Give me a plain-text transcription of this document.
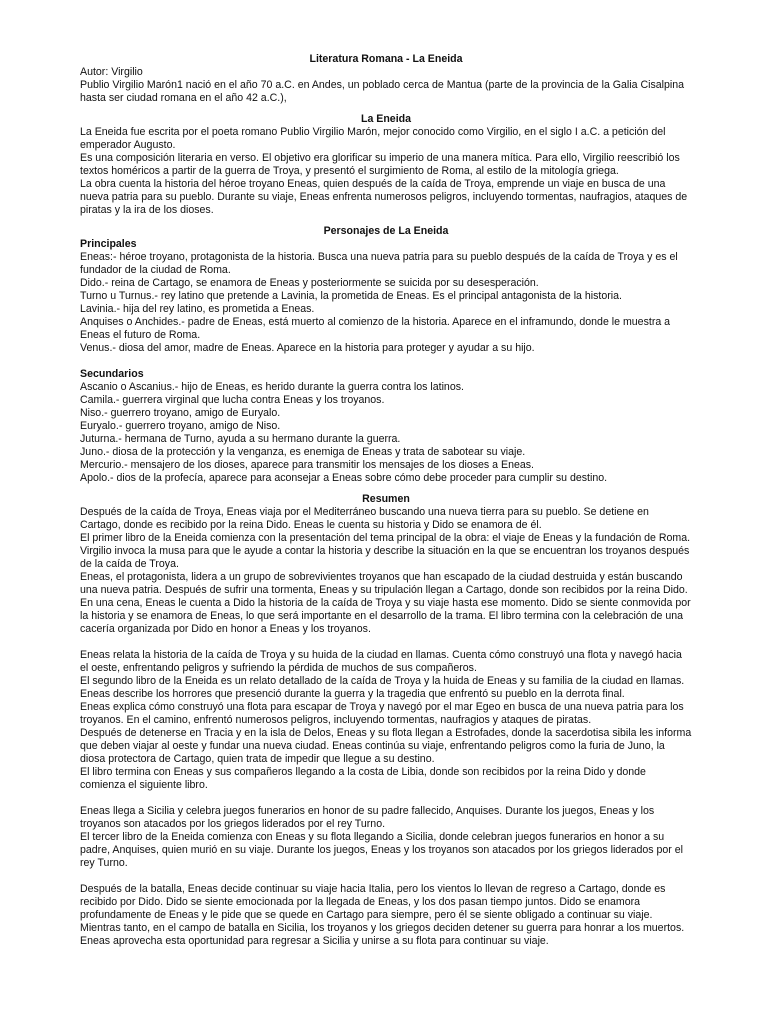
Literatura Romana - La Eneida
Autor: Virgilio
Publio Virgilio Marón1 nació en el año 70 a.C. en Andes, un poblado cerca de Mantua (parte de la provincia de la Galia Cisalpina hasta ser ciudad romana en el año 42 a.C.),
La Eneida
La Eneida fue escrita por el poeta romano Publio Virgilio Marón, mejor conocido como Virgilio, en el siglo I a.C. a petición del emperador Augusto.
Es una composición literaria en verso. El objetivo era glorificar su imperio de una manera mítica. Para ello, Virgilio reescribió los textos homéricos a partir de la guerra de Troya, y presentó el surgimiento de Roma, al estilo de la mitología griega.
La obra cuenta la historia del héroe troyano Eneas, quien después de la caída de Troya, emprende un viaje en busca de una nueva patria para su pueblo. Durante su viaje, Eneas enfrenta numerosos peligros, incluyendo tormentas, naufragios, ataques de piratas y la ira de los dioses.
Personajes de La Eneida
Principales
Eneas:- héroe troyano, protagonista de la historia. Busca una nueva patria para su pueblo después de la caída de Troya y es el fundador de la ciudad de Roma.
Dido.- reina de Cartago, se enamora de Eneas y posteriormente se suicida por su desesperación.
Turno u Turnus.- rey latino que pretende a Lavinia, la prometida de Eneas. Es el principal antagonista de la historia.
Lavinia.- hija del rey latino, es prometida a Eneas.
Anquises o Anchides.- padre de Eneas, está muerto al comienzo de la historia. Aparece en el inframundo, donde le muestra a Eneas el futuro de Roma.
Venus.- diosa del amor, madre de Eneas. Aparece en la historia para proteger y ayudar a su hijo.
Secundarios
Ascanio o Ascanius.- hijo de Eneas, es herido durante la guerra contra los latinos.
Camila.- guerrera virginal que lucha contra Eneas y los troyanos.
Niso.- guerrero troyano, amigo de Euryalo.
Euryalo.- guerrero troyano, amigo de Niso.
Juturna.- hermana de Turno, ayuda a su hermano durante la guerra.
Juno.- diosa de la protección y la venganza, es enemiga de Eneas y trata de sabotear su viaje.
Mercurio.- mensajero de los dioses, aparece para transmitir los mensajes de los dioses a Eneas.
Apolo.- dios de la profecía, aparece para aconsejar a Eneas sobre cómo debe proceder para cumplir su destino.
Resumen
Después de la caída de Troya, Eneas viaja por el Mediterráneo buscando una nueva tierra para su pueblo. Se detiene en Cartago, donde es recibido por la reina Dido. Eneas le cuenta su historia y Dido se enamora de él.
El primer libro de la Eneida comienza con la presentación del tema principal de la obra: el viaje de Eneas y la fundación de Roma. Virgilio invoca la musa para que le ayude a contar la historia y describe la situación en la que se encuentran los troyanos después de la caída de Troya.
Eneas, el protagonista, lidera a un grupo de sobrevivientes troyanos que han escapado de la ciudad destruida y están buscando una nueva patria. Después de sufrir una tormenta, Eneas y su tripulación llegan a Cartago, donde son recibidos por la reina Dido. En una cena, Eneas le cuenta a Dido la historia de la caída de Troya y su viaje hasta ese momento. Dido se siente conmovida por la historia y se enamora de Eneas, lo que será importante en el desarrollo de la trama. El libro termina con la celebración de una cacería organizada por Dido en honor a Eneas y los troyanos.
Eneas relata la historia de la caída de Troya y su huida de la ciudad en llamas. Cuenta cómo construyó una flota y navegó hacia el oeste, enfrentando peligros y sufriendo la pérdida de muchos de sus compañeros.
El segundo libro de la Eneida es un relato detallado de la caída de Troya y la huida de Eneas y su familia de la ciudad en llamas.
Eneas describe los horrores que presenció durante la guerra y la tragedia que enfrentó su pueblo en la derrota final.
Eneas explica cómo construyó una flota para escapar de Troya y navegó por el mar Egeo en busca de una nueva patria para los troyanos. En el camino, enfrentó numerosos peligros, incluyendo tormentas, naufragios y ataques de piratas.
Después de detenerse en Tracia y en la isla de Delos, Eneas y su flota llegan a Estrofades, donde la sacerdotisa sibila les informa que deben viajar al oeste y fundar una nueva ciudad. Eneas continúa su viaje, enfrentando peligros como la furia de Juno, la diosa protectora de Cartago, quien trata de impedir que llegue a su destino.
El libro termina con Eneas y sus compañeros llegando a la costa de Libia, donde son recibidos por la reina Dido y donde comienza el siguiente libro.
Eneas llega a Sicilia y celebra juegos funerarios en honor de su padre fallecido, Anquises. Durante los juegos, Eneas y los troyanos son atacados por los griegos liderados por el rey Turno.
El tercer libro de la Eneida comienza con Eneas y su flota llegando a Sicilia, donde celebran juegos funerarios en honor a su padre, Anquises, quien murió en su viaje. Durante los juegos, Eneas y los troyanos son atacados por los griegos liderados por el rey Turno.
Después de la batalla, Eneas decide continuar su viaje hacia Italia, pero los vientos lo llevan de regreso a Cartago, donde es recibido por Dido. Dido se siente emocionada por la llegada de Eneas, y los dos pasan tiempo juntos. Dido se enamora profundamente de Eneas y le pide que se quede en Cartago para siempre, pero él se siente obligado a continuar su viaje.
Mientras tanto, en el campo de batalla en Sicilia, los troyanos y los griegos deciden detener su guerra para honrar a los muertos.
Eneas aprovecha esta oportunidad para regresar a Sicilia y unirse a su flota para continuar su viaje.
